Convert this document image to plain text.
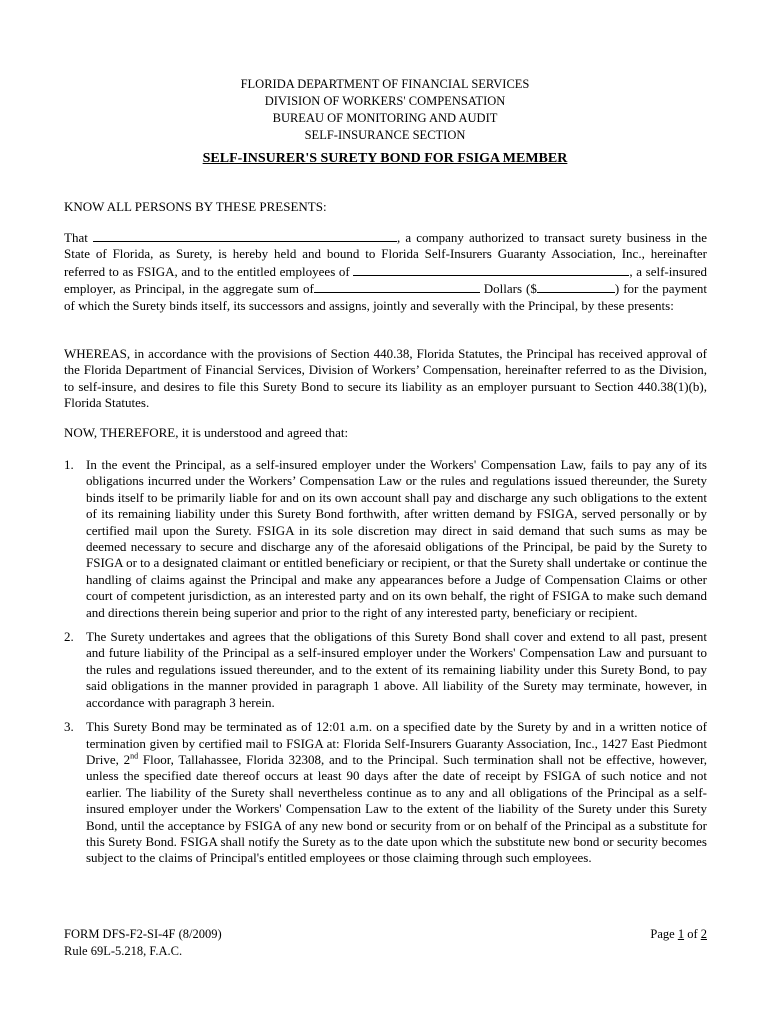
FLORIDA DEPARTMENT OF FINANCIAL SERVICES
DIVISION OF WORKERS' COMPENSATION
BUREAU OF MONITORING AND AUDIT
SELF-INSURANCE SECTION
SELF-INSURER'S SURETY BOND FOR FSIGA MEMBER
KNOW ALL PERSONS BY THESE PRESENTS:
That	, a company authorized to transact surety business in the State of Florida, as Surety, is hereby held and bound to Florida Self-Insurers Guaranty Association, Inc., hereinafter referred to as FSIGA, and to the entitled employees of	, a self-insured employer, as Principal, in the aggregate sum of	Dollars ($	) for the payment of which the Surety binds itself, its successors and assigns, jointly and severally with the Principal, by these presents:
WHEREAS, in accordance with the provisions of Section 440.38, Florida Statutes, the Principal has received approval of the Florida Department of Financial Services, Division of Workers’ Compensation, hereinafter referred to as the Division, to self-insure, and desires to file this Surety Bond to secure its liability as an employer pursuant to Section 440.38(1)(b), Florida Statutes.
NOW, THEREFORE, it is understood and agreed that:
1. In the event the Principal, as a self-insured employer under the Workers' Compensation Law, fails to pay any of its obligations incurred under the Workers’ Compensation Law or the rules and regulations issued thereunder, the Surety binds itself to be primarily liable for and on its own account shall pay and discharge any such obligations to the extent of its remaining liability under this Surety Bond forthwith, after written demand by FSIGA, served personally or by certified mail upon the Surety. FSIGA in its sole discretion may direct in said demand that such sums as may be deemed necessary to secure and discharge any of the aforesaid obligations of the Principal, be paid by the Surety to FSIGA or to a designated claimant or entitled beneficiary or recipient, or that the Surety shall undertake or continue the handling of claims against the Principal and make any appearances before a Judge of Compensation Claims or other court of competent jurisdiction, as an interested party and on its own behalf, the right of FSIGA to make such demand and directions therein being superior and prior to the right of any interested party, beneficiary or recipient.
2. The Surety undertakes and agrees that the obligations of this Surety Bond shall cover and extend to all past, present and future liability of the Principal as a self-insured employer under the Workers' Compensation Law and pursuant to the rules and regulations issued thereunder, and to the extent of its remaining liability under this Surety Bond, to pay said obligations in the manner provided in paragraph 1 above. All liability of the Surety may terminate, however, in accordance with paragraph 3 herein.
3. This Surety Bond may be terminated as of 12:01 a.m. on a specified date by the Surety by and in a written notice of termination given by certified mail to FSIGA at: Florida Self-Insurers Guaranty Association, Inc., 1427 East Piedmont Drive, 2nd Floor, Tallahassee, Florida 32308, and to the Principal. Such termination shall not be effective, however, unless the specified date thereof occurs at least 90 days after the date of receipt by FSIGA of such notice and not earlier. The liability of the Surety shall nevertheless continue as to any and all obligations of the Principal as a self-insured employer under the Workers' Compensation Law to the extent of the liability of the Surety under this Surety Bond, until the acceptance by FSIGA of any new bond or security from or on behalf of the Principal as a substitute for this Surety Bond. FSIGA shall notify the Surety as to the date upon which the substitute new bond or security becomes subject to the claims of Principal's entitled employees or those claiming through such employees.
FORM DFS-F2-SI-4F (8/2009)
Rule 69L-5.218, F.A.C.
Page 1 of 2
